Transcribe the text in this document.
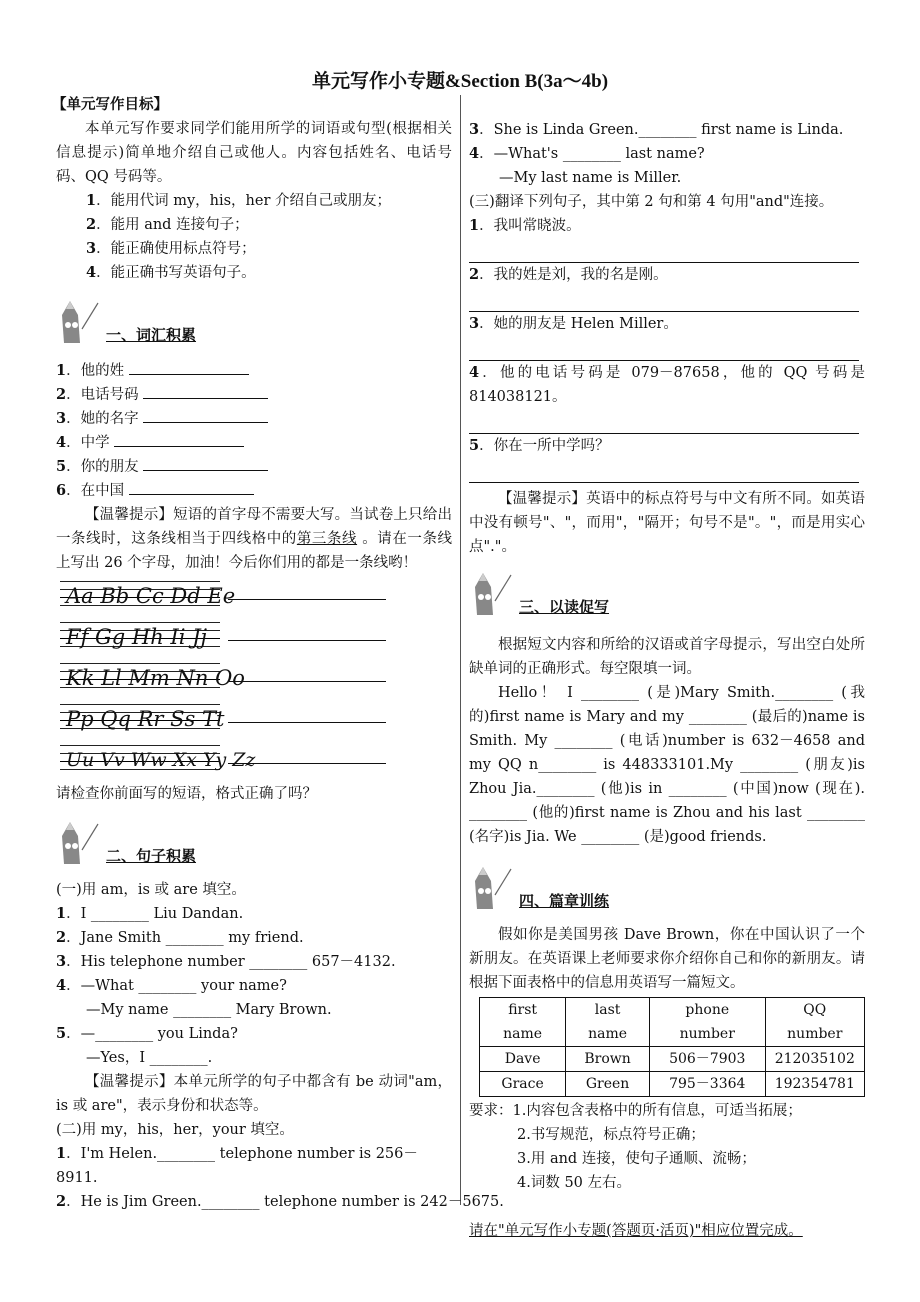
单元写作小专题&Section B(3a～4b)

【单元写作目标】

本单元写作要求同学们能用所学的词语或句型(根据相关信息提示)简单地介绍自己或他人。内容包括姓名、电话号码、QQ 号码等。

1．能用代词 my，his，her 介绍自己或朋友；

2．能用 and 连接句子；

3．能正确使用标点符号；

4．能正确书写英语句子。

一、词汇积累

1．他的姓

2．电话号码

3．她的名字

4．中学

5．你的朋友

6．在中国

【温馨提示】短语的首字母不需要大写。当试卷上只给出一条线时，这条线相当于四线格中的第三条线 。请在一条线上写出 26 个字母，加油！今后你们用的都是一条线哟！

Aa Bb Cc Dd Ee
Ff Gg Hh Ii Jj
Kk Ll Mm Nn Oo
Pp Qq Rr Ss Tt
Uu Vv Ww Xx Yy Zz

请检查你前面写的短语，格式正确了吗？

二、句子积累

(一)用 am，is 或 are 填空。

1．I ________ Liu Dandan.

2．Jane Smith ________ my friend.

3．His telephone number ________ 657－4132.

4．—What ________ your name?

—My name ________ Mary Brown.

5．—________ you Linda?

—Yes，I ________.

【温馨提示】本单元所学的句子中都含有 be 动词"am，is 或 are"，表示身份和状态等。

(二)用 my，his，her，your 填空。

1．I'm Helen.________ telephone number is 256－8911.

2．He is Jim Green.________ telephone number is 242－5675.

3．She is Linda Green.________ first name is Linda.

4．—What's ________ last name?

—My last name is Miller.

(三)翻译下列句子，其中第 2 句和第 4 句用"and"连接。

1．我叫常晓波。

2．我的姓是刘，我的名是刚。

3．她的朋友是 Helen Miller。

4．他的电话号码是 079－87658，他的 QQ 号码是 814038121。

5．你在一所中学吗？

【温馨提示】英语中的标点符号与中文有所不同。如英语中没有顿号"、"，而用"，"隔开；句号不是"。"，而是用实心点"."。

三、以读促写

根据短文内容和所给的汉语或首字母提示，写出空白处所缺单词的正确形式。每空限填一词。

Hello！ I ________ (是)Mary Smith.________ (我的)first name is Mary and my ________ (最后的)name is Smith. My ________ (电话)number is 632－4658 and my QQ n________ is 448333101.My ________ (朋友)is Zhou Jia.________ (他)is in ________ (中国)now (现在). ________ (他的)first name is Zhou and his last ________ (名字)is Jia. We ________ (是)good friends.

四、篇章训练

假如你是美国男孩 Dave Brown，你在中国认识了一个新朋友。在英语课上老师要求你介绍你自己和你的新朋友。请根据下面表格中的信息用英语写一篇短文。

first name	last name	phone number	QQ number
Dave	Brown	506－7903	212035102
Grace	Green	795－3364	192354781

要求：1.内容包含表格中的所有信息，可适当拓展；

2.书写规范，标点符号正确；

3.用 and 连接，使句子通顺、流畅；

4.词数 50 左右。

请在"单元写作小专题(答题页·活页)"相应位置完成。
